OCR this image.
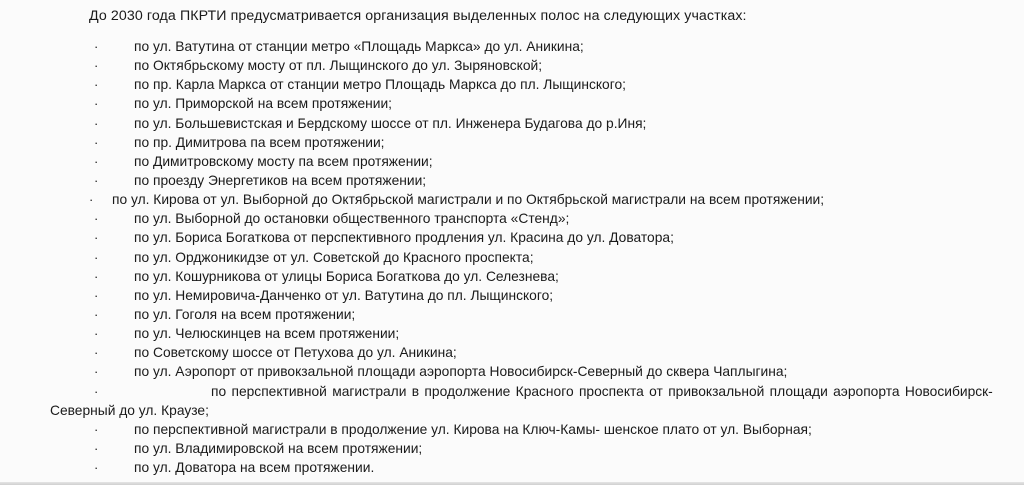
До 2030 года ПКРТИ предусматривается организация выделенных полос на следующих участках:
·	по ул. Ватутина от станции метро «Площадь Маркса» до ул. Аникина;
·	по Октябрьскому мосту от пл. Лыщинского до ул. Зыряновской;
·	по пр. Карла Маркса от станции метро Площадь Маркса до пл. Лыщинского;
·	по ул. Приморской на всем протяжении;
·	по ул. Большевистская и Бердскому шоссе от пл. Инженера Будагова до р.Иня;
·	по пр. Димитрова па всем протяжении;
·	по Димитровскому мосту па всем протяжении;
·	по проезду Энергетиков на всем протяжении;
· по ул. Кирова от ул. Выборной до Октябрьской магистрали и по Октябрьской магистрали на всем протяжении;
·	по ул. Выборной до остановки общественного транспорта «Стенд»;
·	по ул. Бориса Богаткова от перспективного продления ул. Красина до ул. Доватора;
·	по ул. Орджоникидзе от ул. Советской до Красного проспекта;
·	по ул. Кошурникова от улицы Бориса Богаткова до ул. Селезнева;
·	по ул. Немировича-Данченко от ул. Ватутина до пл. Лыщинского;
·	по ул. Гоголя на всем протяжении;
·	по ул. Челюскинцев на всем протяжении;
·	по Советскому шоссе от Петухова до ул. Аникина;
·	по ул. Аэропорт от привокзальной площади аэропорта Новосибирск-Северный до сквера Чаплыгина;
·	по перспективной магистрали в продолжение Красного проспекта от привокзальной площади аэропорта Новосибирск-
Северный до ул. Краузе;
·	по перспективной магистрали в продолжение ул. Кирова на Ключ-Камы- шенское плато от ул. Выборная;
·	по ул. Владимировской на всем протяжении;
·	по ул. Доватора на всем протяжении.
